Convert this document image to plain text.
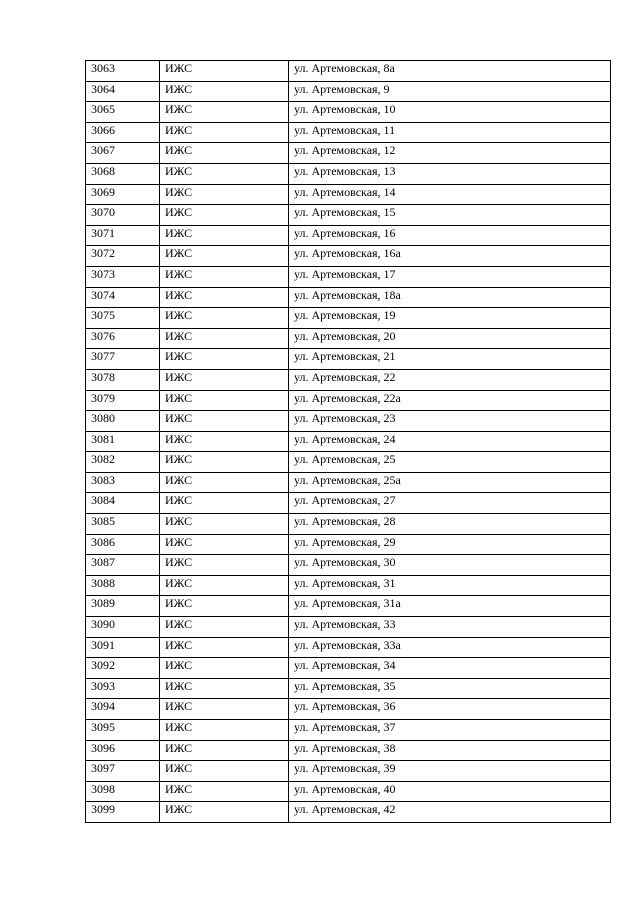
3063	ИЖС	ул. Артемовская, 8а
3064	ИЖС	ул. Артемовская, 9
3065	ИЖС	ул. Артемовская, 10
3066	ИЖС	ул. Артемовская, 11
3067	ИЖС	ул. Артемовская, 12
3068	ИЖС	ул. Артемовская, 13
3069	ИЖС	ул. Артемовская, 14
3070	ИЖС	ул. Артемовская, 15
3071	ИЖС	ул. Артемовская, 16
3072	ИЖС	ул. Артемовская, 16а
3073	ИЖС	ул. Артемовская, 17
3074	ИЖС	ул. Артемовская, 18а
3075	ИЖС	ул. Артемовская, 19
3076	ИЖС	ул. Артемовская, 20
3077	ИЖС	ул. Артемовская, 21
3078	ИЖС	ул. Артемовская, 22
3079	ИЖС	ул. Артемовская, 22а
3080	ИЖС	ул. Артемовская, 23
3081	ИЖС	ул. Артемовская, 24
3082	ИЖС	ул. Артемовская, 25
3083	ИЖС	ул. Артемовская, 25а
3084	ИЖС	ул. Артемовская, 27
3085	ИЖС	ул. Артемовская, 28
3086	ИЖС	ул. Артемовская, 29
3087	ИЖС	ул. Артемовская, 30
3088	ИЖС	ул. Артемовская, 31
3089	ИЖС	ул. Артемовская, 31а
3090	ИЖС	ул. Артемовская, 33
3091	ИЖС	ул. Артемовская, 33а
3092	ИЖС	ул. Артемовская, 34
3093	ИЖС	ул. Артемовская, 35
3094	ИЖС	ул. Артемовская, 36
3095	ИЖС	ул. Артемовская, 37
3096	ИЖС	ул. Артемовская, 38
3097	ИЖС	ул. Артемовская, 39
3098	ИЖС	ул. Артемовская, 40
3099	ИЖС	ул. Артемовская, 42
